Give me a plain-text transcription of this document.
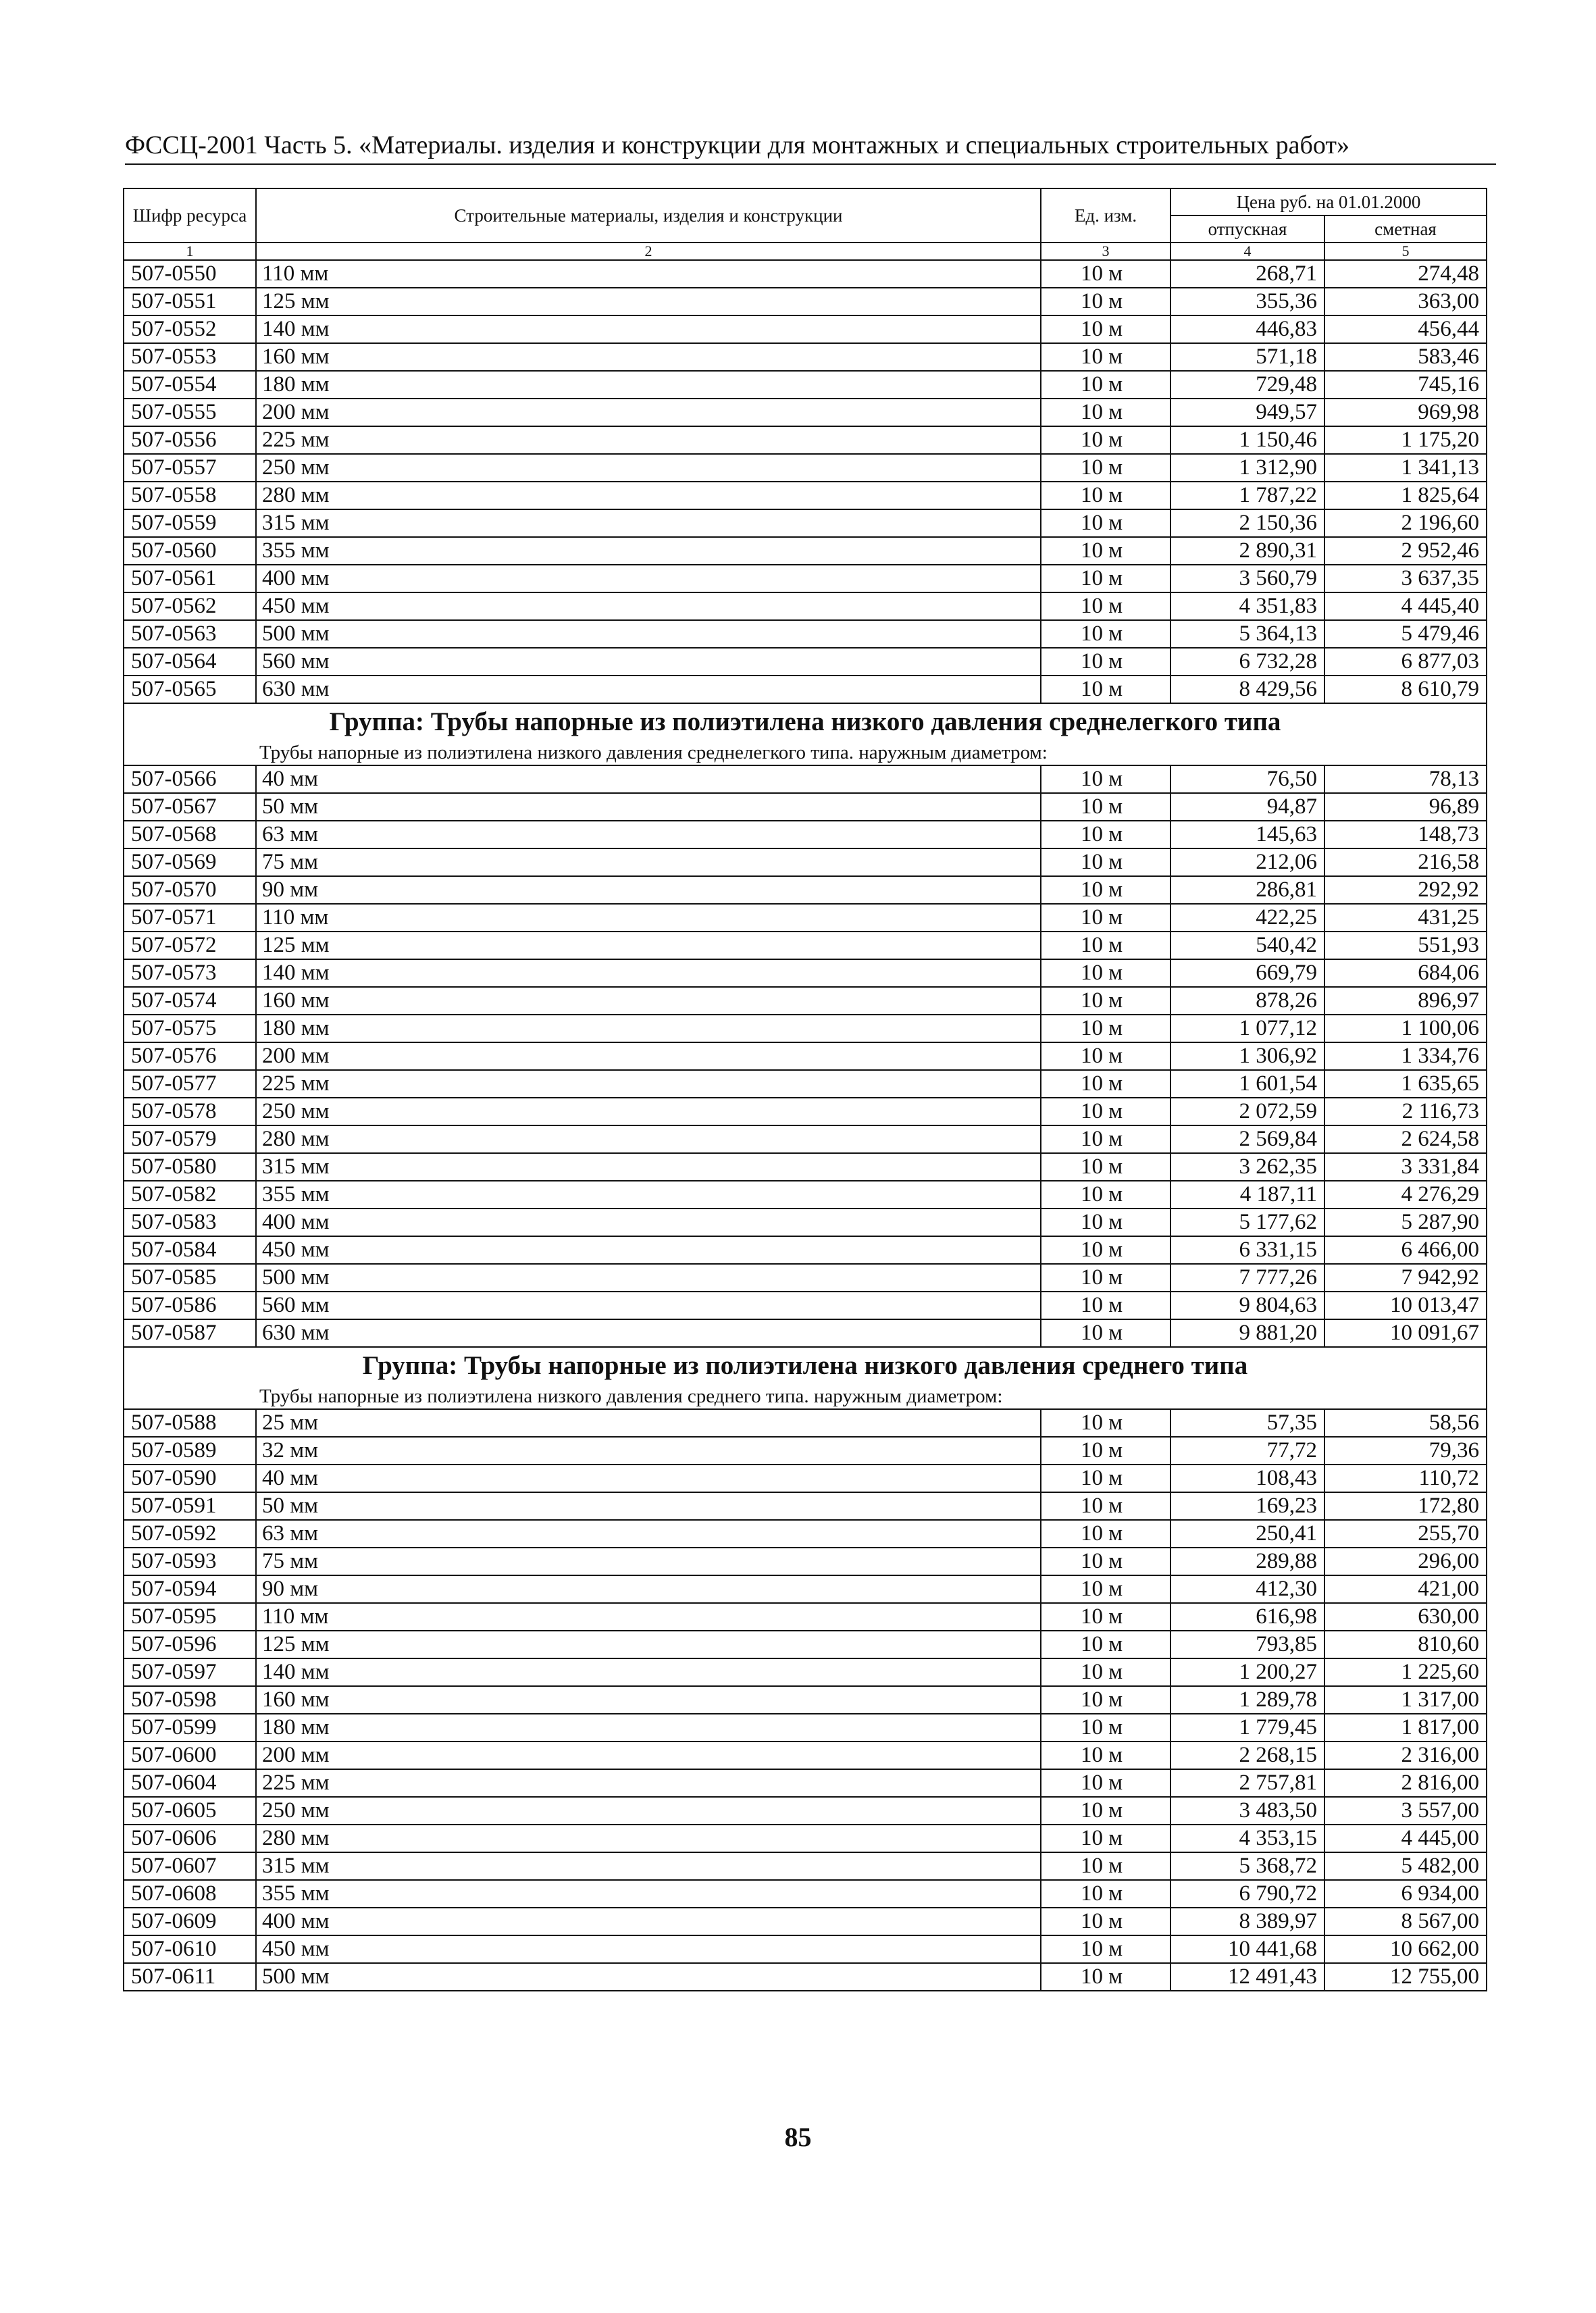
ФССЦ-2001 Часть 5. «Материалы. изделия и конструкции для монтажных и специальных строительных работ»
Шифр ресурса	Строительные материалы, изделия и конструкции	Ед. изм.	Цена руб. на 01.01.2000	
			отпускная	сметная
1	2	3	4	5
507-0550	110 мм	10 м	268,71	274,48
507-0551	125 мм	10 м	355,36	363,00
507-0552	140 мм	10 м	446,83	456,44
507-0553	160 мм	10 м	571,18	583,46
507-0554	180 мм	10 м	729,48	745,16
507-0555	200 мм	10 м	949,57	969,98
507-0556	225 мм	10 м	1 150,46	1 175,20
507-0557	250 мм	10 м	1 312,90	1 341,13
507-0558	280 мм	10 м	1 787,22	1 825,64
507-0559	315 мм	10 м	2 150,36	2 196,60
507-0560	355 мм	10 м	2 890,31	2 952,46
507-0561	400 мм	10 м	3 560,79	3 637,35
507-0562	450 мм	10 м	4 351,83	4 445,40
507-0563	500 мм	10 м	5 364,13	5 479,46
507-0564	560 мм	10 м	6 732,28	6 877,03
507-0565	630 мм	10 м	8 429,56	8 610,79
Группа: Трубы напорные из полиэтилена низкого давления среднелегкого типа				
Трубы напорные из полиэтилена низкого давления среднелегкого типа. наружным диаметром:				
507-0566	40 мм	10 м	76,50	78,13
507-0567	50 мм	10 м	94,87	96,89
507-0568	63 мм	10 м	145,63	148,73
507-0569	75 мм	10 м	212,06	216,58
507-0570	90 мм	10 м	286,81	292,92
507-0571	110 мм	10 м	422,25	431,25
507-0572	125 мм	10 м	540,42	551,93
507-0573	140 мм	10 м	669,79	684,06
507-0574	160 мм	10 м	878,26	896,97
507-0575	180 мм	10 м	1 077,12	1 100,06
507-0576	200 мм	10 м	1 306,92	1 334,76
507-0577	225 мм	10 м	1 601,54	1 635,65
507-0578	250 мм	10 м	2 072,59	2 116,73
507-0579	280 мм	10 м	2 569,84	2 624,58
507-0580	315 мм	10 м	3 262,35	3 331,84
507-0582	355 мм	10 м	4 187,11	4 276,29
507-0583	400 мм	10 м	5 177,62	5 287,90
507-0584	450 мм	10 м	6 331,15	6 466,00
507-0585	500 мм	10 м	7 777,26	7 942,92
507-0586	560 мм	10 м	9 804,63	10 013,47
507-0587	630 мм	10 м	9 881,20	10 091,67
Группа: Трубы напорные из полиэтилена низкого давления среднего типа				
Трубы напорные из полиэтилена низкого давления среднего типа. наружным диаметром:				
507-0588	25 мм	10 м	57,35	58,56
507-0589	32 мм	10 м	77,72	79,36
507-0590	40 мм	10 м	108,43	110,72
507-0591	50 мм	10 м	169,23	172,80
507-0592	63 мм	10 м	250,41	255,70
507-0593	75 мм	10 м	289,88	296,00
507-0594	90 мм	10 м	412,30	421,00
507-0595	110 мм	10 м	616,98	630,00
507-0596	125 мм	10 м	793,85	810,60
507-0597	140 мм	10 м	1 200,27	1 225,60
507-0598	160 мм	10 м	1 289,78	1 317,00
507-0599	180 мм	10 м	1 779,45	1 817,00
507-0600	200 мм	10 м	2 268,15	2 316,00
507-0604	225 мм	10 м	2 757,81	2 816,00
507-0605	250 мм	10 м	3 483,50	3 557,00
507-0606	280 мм	10 м	4 353,15	4 445,00
507-0607	315 мм	10 м	5 368,72	5 482,00
507-0608	355 мм	10 м	6 790,72	6 934,00
507-0609	400 мм	10 м	8 389,97	8 567,00
507-0610	450 мм	10 м	10 441,68	10 662,00
507-0611	500 мм	10 м	12 491,43	12 755,00
85
